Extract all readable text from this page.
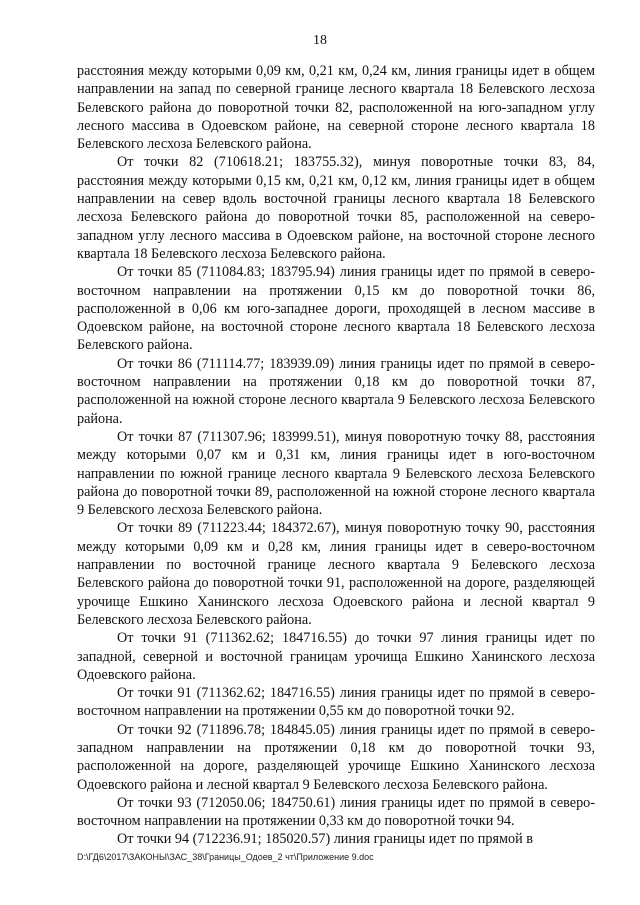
18

расстояния между которыми 0,09 км, 0,21 км, 0,24 км, линия границы идет в общем направлении на запад по северной границе лесного квартала 18 Белевского лесхоза Белевского района до поворотной точки 82, расположенной на юго-западном углу лесного массива в Одоевском районе, на северной стороне лесного квартала 18 Белевского лесхоза Белевского района.

От точки 82 (710618.21; 183755.32), минуя поворотные точки 83, 84, расстояния между которыми 0,15 км, 0,21 км, 0,12 км, линия границы идет в общем направлении на север вдоль восточной границы лесного квартала 18 Белевского лесхоза Белевского района до поворотной точки 85, расположенной на северо-западном углу лесного массива в Одоевском районе, на восточной стороне лесного квартала 18 Белевского лесхоза Белевского района.

От точки 85 (711084.83; 183795.94) линия границы идет по прямой в северо-восточном направлении на протяжении 0,15 км до поворотной точки 86, расположенной в 0,06 км юго-западнее дороги, проходящей в лесном массиве в Одоевском районе, на восточной стороне лесного квартала 18 Белевского лесхоза Белевского района.

От точки 86 (711114.77; 183939.09) линия границы идет по прямой в северо-восточном направлении на протяжении 0,18 км до поворотной точки 87, расположенной на южной стороне лесного квартала 9 Белевского лесхоза Белевского района.

От точки 87 (711307.96; 183999.51), минуя поворотную точку 88, расстояния между которыми 0,07 км и 0,31 км, линия границы идет в юго-восточном направлении по южной границе лесного квартала 9 Белевского лесхоза Белевского района до поворотной точки 89, расположенной на южной стороне лесного квартала 9 Белевского лесхоза Белевского района.

От точки 89 (711223.44; 184372.67), минуя поворотную точку 90, расстояния между которыми 0,09 км и 0,28 км, линия границы идет в северо-восточном направлении по восточной границе лесного квартала 9 Белевского лесхоза Белевского района до поворотной точки 91, расположенной на дороге, разделяющей урочище Ешкино Ханинского лесхоза Одоевского района и лесной квартал 9 Белевского лесхоза Белевского района.

От точки 91 (711362.62; 184716.55) до точки 97 линия границы идет по западной, северной и восточной границам урочища Ешкино Ханинского лесхоза Одоевского района.

От точки 91 (711362.62; 184716.55) линия границы идет по прямой в северо-восточном направлении на протяжении 0,55 км до поворотной точки 92.

От точки 92 (711896.78; 184845.05) линия границы идет по прямой в северо-западном направлении на протяжении 0,18 км до поворотной точки 93, расположенной на дороге, разделяющей урочище Ешкино Ханинского лесхоза Одоевского района и лесной квартал 9 Белевского лесхоза Белевского района.

От точки 93 (712050.06; 184750.61) линия границы идет по прямой в северо-восточном направлении на протяжении 0,33 км до поворотной точки 94.

От точки 94 (712236.91; 185020.57) линия границы идет по прямой в

D:\ГД6\2017\ЗАКОНЫ\ЗАС_38\Границы_Одоев_2 чт\Приложение 9.doc
